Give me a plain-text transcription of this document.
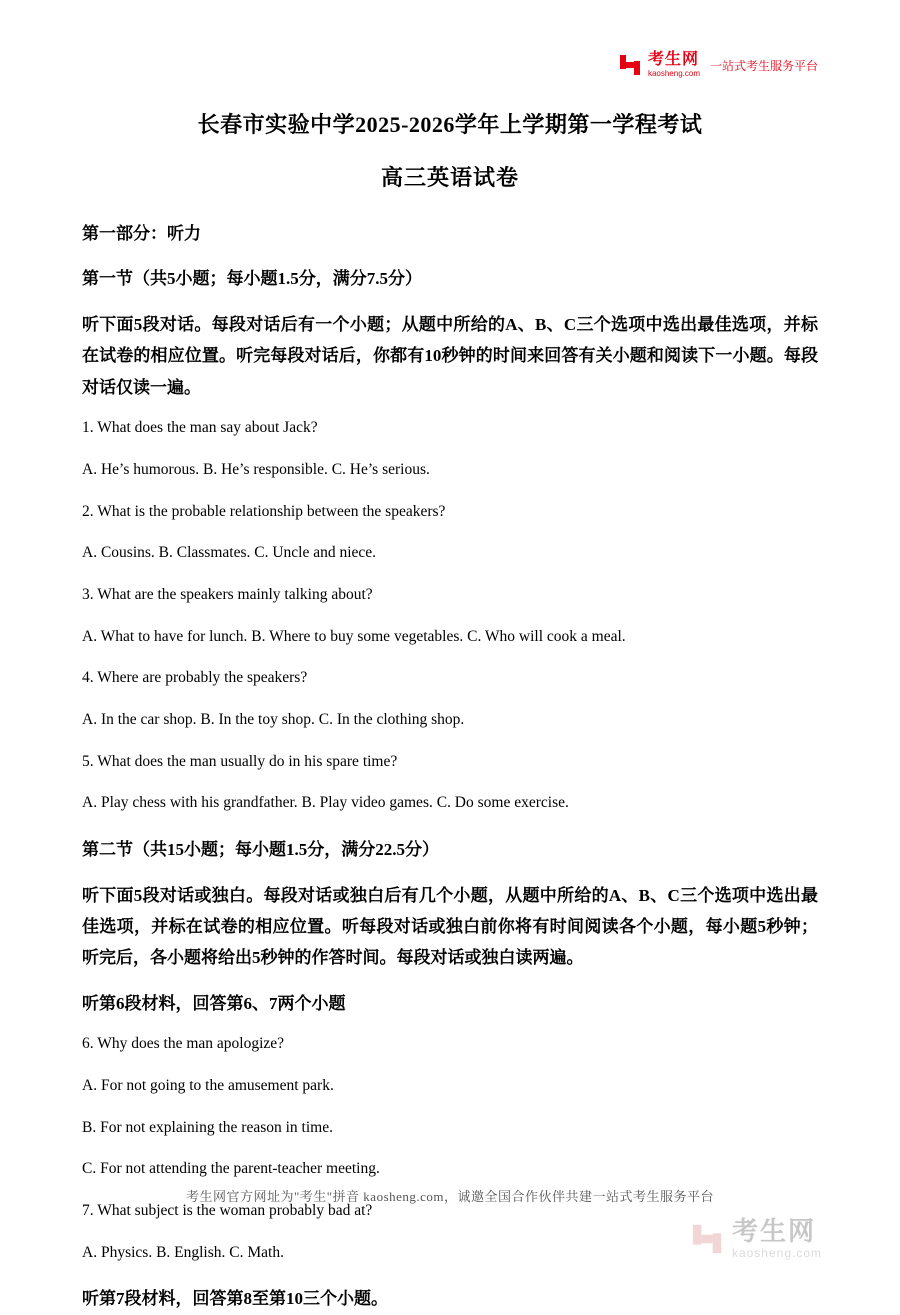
考生网
kaosheng.com
一站式考生服务平台
长春市实验中学2025-2026学年上学期第一学程考试
高三英语试卷

第一部分：听力

第一节（共5小题；每小题1.5分，满分7.5分）

听下面5段对话。每段对话后有一个小题；从题中所给的A、B、C三个选项中选出最佳选项，并标在试卷的相应位置。听完每段对话后，你都有10秒钟的时间来回答有关小题和阅读下一小题。每段对话仅读一遍。

1. What does the man say about Jack?

A. He’s humorous. B. He’s responsible. C. He’s serious.

2. What is the probable relationship between the speakers?

A. Cousins. B. Classmates. C. Uncle and niece.

3. What are the speakers mainly talking about?

A. What to have for lunch. B. Where to buy some vegetables. C. Who will cook a meal.

4. Where are probably the speakers?

A. In the car shop. B. In the toy shop. C. In the clothing shop.

5. What does the man usually do in his spare time?

A. Play chess with his grandfather. B. Play video games. C. Do some exercise.

第二节（共15小题；每小题1.5分，满分22.5分）

听下面5段对话或独白。每段对话或独白后有几个小题，从题中所给的A、B、C三个选项中选出最佳选项，并标在试卷的相应位置。听每段对话或独白前你将有时间阅读各个小题，每小题5秒钟；听完后，各小题将给出5秒钟的作答时间。每段对话或独白读两遍。

听第6段材料，回答第6、7两个小题

6. Why does the man apologize?

A. For not going to the amusement park.

B. For not explaining the reason in time.

C. For not attending the parent-teacher meeting.

7. What subject is the woman probably bad at?

A. Physics. B. English. C. Math.

听第7段材料，回答第8至第10三个小题。

考生网官方网址为"考生"拼音 kaosheng.com，诚邀全国合作伙伴共建一站式考生服务平台
考生网
kaosheng.com
